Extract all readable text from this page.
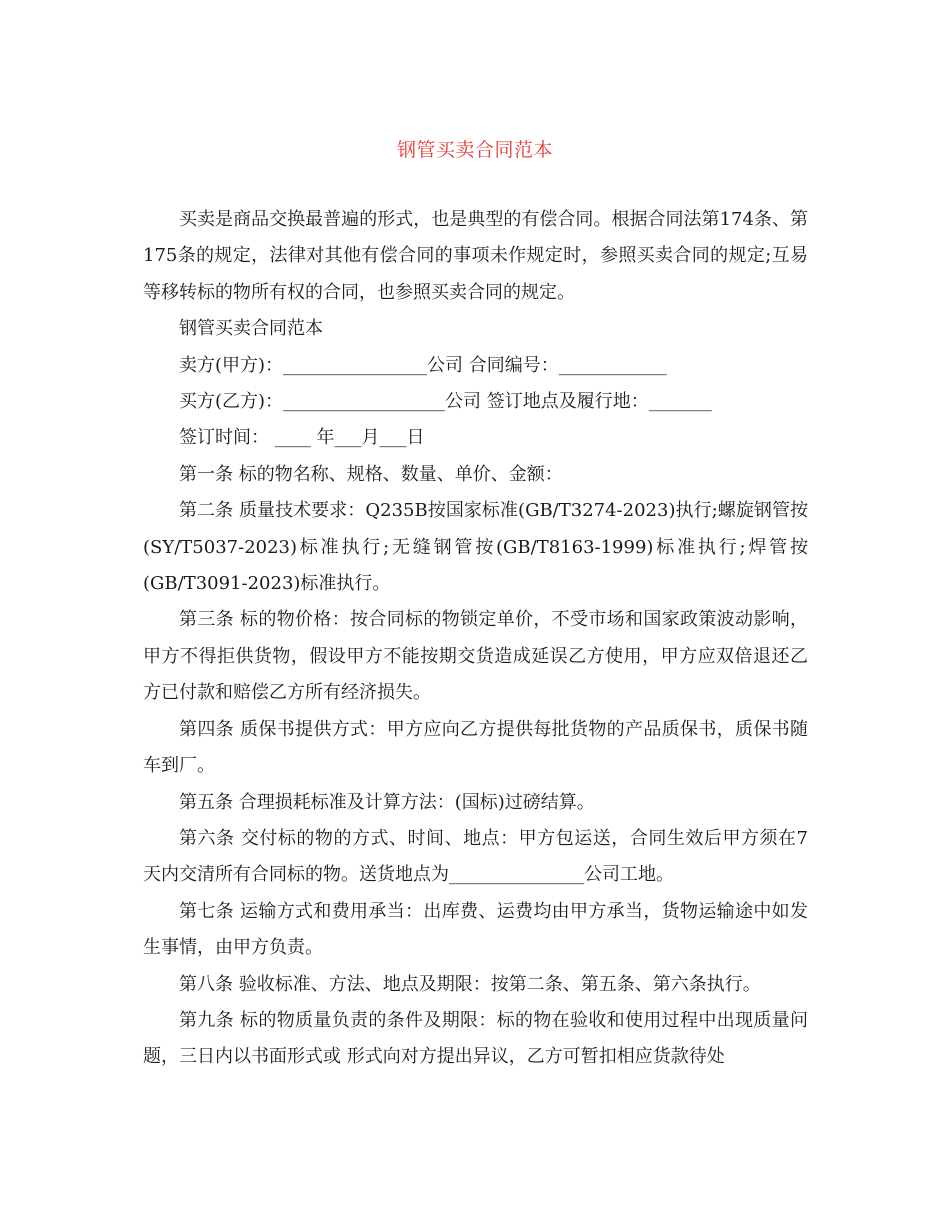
钢管买卖合同范本

买卖是商品交换最普遍的形式，也是典型的有偿合同。根据合同法第174条、第175条的规定，法律对其他有偿合同的事项未作规定时，参照买卖合同的规定;互易等移转标的物所有权的合同，也参照买卖合同的规定。

钢管买卖合同范本

卖方(甲方)：________________公司 合同编号：____________

买方(乙方)：__________________公司 签订地点及履行地：_______

签订时间： ____ 年___月___日

第一条 标的物名称、规格、数量、单价、金额：

第二条 质量技术要求：Q235B按国家标准(GB/T3274-2023)执行;螺旋钢管按(SY/T5037-2023)标准执行;无缝钢管按(GB/T8163-1999)标准执行;焊管按(GB/T3091-2023)标准执行。

第三条 标的物价格：按合同标的物锁定单价，不受市场和国家政策波动影响，甲方不得拒供货物，假设甲方不能按期交货造成延误乙方使用，甲方应双倍退还乙方已付款和赔偿乙方所有经济损失。

第四条 质保书提供方式：甲方应向乙方提供每批货物的产品质保书，质保书随车到厂。

第五条 合理损耗标准及计算方法：(国标)过磅结算。

第六条 交付标的物的方式、时间、地点：甲方包运送，合同生效后甲方须在7天内交清所有合同标的物。送货地点为_______________公司工地。

第七条 运输方式和费用承当：出库费、运费均由甲方承当，货物运输途中如发生事情，由甲方负责。

第八条 验收标准、方法、地点及期限：按第二条、第五条、第六条执行。

第九条 标的物质量负责的条件及期限：标的物在验收和使用过程中出现质量问题，三日内以书面形式或 形式向对方提出异议，乙方可暂扣相应货款待处
